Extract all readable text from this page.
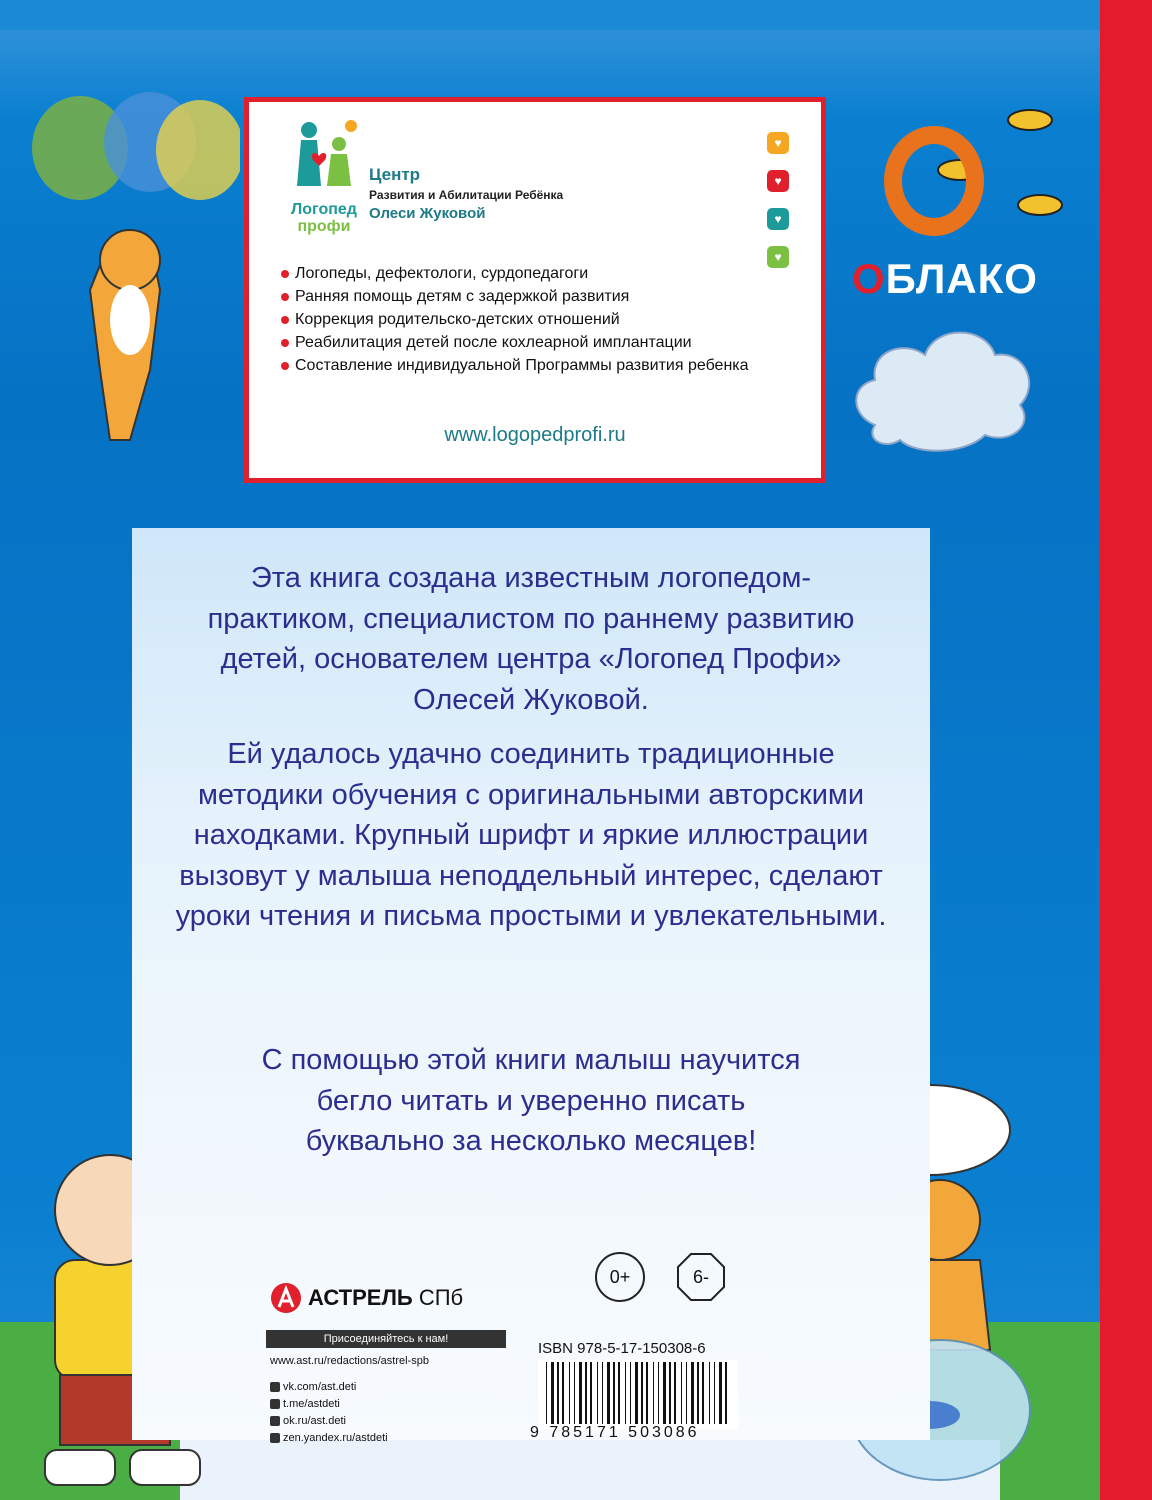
ОБЛАКО
Логопед
профи
Центр
Развития и Абилитации Ребёнка
Олеси Жуковой
♥
♥
♥
♥
Логопеды, дефектологи, сурдопедагоги
Ранняя помощь детям с задержкой развития
Коррекция родительско-детских отношений
Реабилитация детей после кохлеарной имплантации
Составление индивидуальной Программы развития ребенка
www.logopedprofi.ru
Эта книга создана известным логопедом-практиком, специалистом по раннему развитию детей, основателем центра «Логопед Профи» Олесей Жуковой.
Ей удалось удачно соединить традиционные методики обучения с оригинальными авторскими находками. Крупный шрифт и яркие иллюстрации вызовут у малыша неподдельный интерес, сделают уроки чтения и письма простыми и увлекательными.
С помощью этой книги малыш научится бегло читать и уверенно писать буквально за несколько месяцев!
0+	6-
АСТРЕЛЬ СПб
Присоединяйтесь к нам!
www.ast.ru/redactions/astrel-spb
vk.com/ast.deti
t.me/astdeti
ok.ru/ast.deti
zen.yandex.ru/astdeti
ISBN 978-5-17-150308-6
9 785171 503086
